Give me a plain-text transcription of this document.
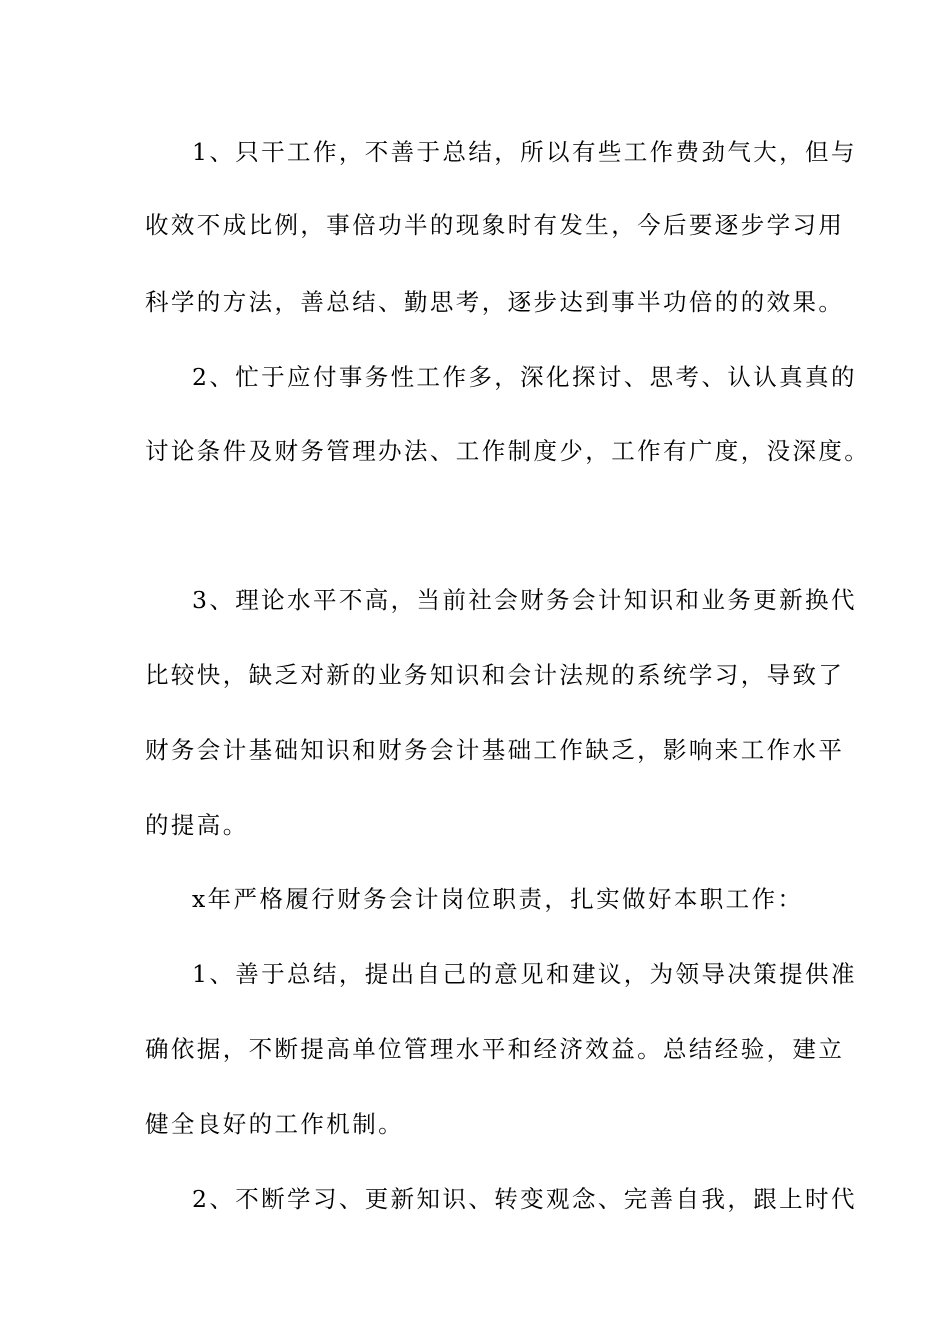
1、只干工作，不善于总结，所以有些工作费劲气大，但与
收效不成比例，事倍功半的现象时有发生，今后要逐步学习用
科学的方法，善总结、勤思考，逐步达到事半功倍的的效果。
2、忙于应付事务性工作多，深化探讨、思考、认认真真的
讨论条件及财务管理办法、工作制度少，工作有广度，没深度。
3、理论水平不高，当前社会财务会计知识和业务更新换代
比较快，缺乏对新的业务知识和会计法规的系统学习，导致了
财务会计基础知识和财务会计基础工作缺乏，影响来工作水平
的提高。
x年严格履行财务会计岗位职责，扎实做好本职工作：
1、善于总结，提出自己的意见和建议，为领导决策提供准
确依据，不断提高单位管理水平和经济效益。总结经验，建立
健全良好的工作机制。
2、不断学习、更新知识、转变观念、完善自我，跟上时代
